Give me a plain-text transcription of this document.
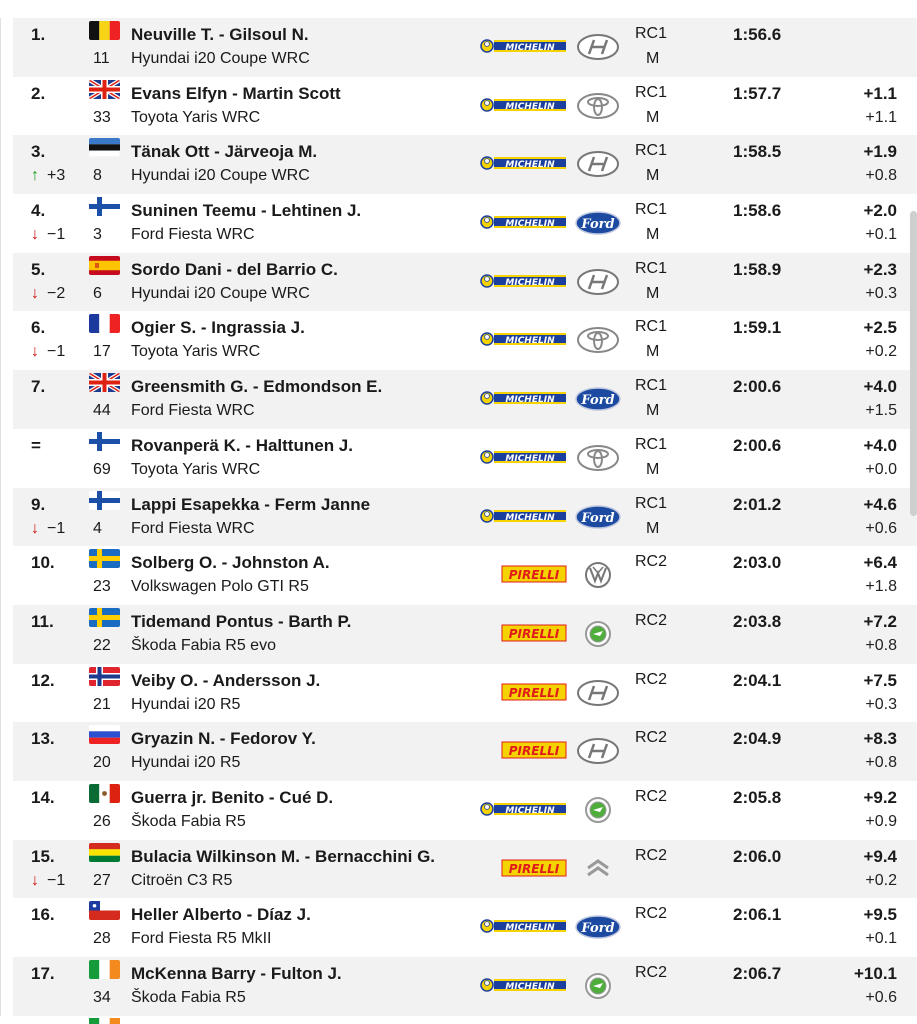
1.
11
Neuville T. - Gilsoul N.
Hyundai i20 Coupe WRC
MICHELIN
RC1
M
1:56.6
2.
33
Evans Elfyn - Martin Scott
Toyota Yaris WRC
MICHELIN
RC1
M
1:57.7	+1.1
+1.1
3.
↑ +3 8
Tänak Ott - Järveoja M.
Hyundai i20 Coupe WRC
MICHELIN
RC1
M
1:58.5	+1.9
+0.8
4.
↓ −1 3
Suninen Teemu - Lehtinen J.
Ford Fiesta WRC
MICHELIN Ford
RC1
M
1:58.6	+2.0
+0.1
5.
↓ −2 6
Sordo Dani - del Barrio C.
Hyundai i20 Coupe WRC
MICHELIN
RC1
M
1:58.9	+2.3
+0.3
6.
↓ −1 17
Ogier S. - Ingrassia J.
Toyota Yaris WRC
MICHELIN
RC1
M
1:59.1	+2.5
+0.2
7.
44
Greensmith G. - Edmondson E.
Ford Fiesta WRC
MICHELIN Ford
RC1
M
2:00.6	+4.0
+1.5
=
69
Rovanperä K. - Halttunen J.
Toyota Yaris WRC
MICHELIN
RC1
M
2:00.6	+4.0
+0.0
9.
↓ −1 4
Lappi Esapekka - Ferm Janne
Ford Fiesta WRC
MICHELIN Ford
RC1
M
2:01.2	+4.6
+0.6
10.
23
Solberg O. - Johnston A.
Volkswagen Polo GTI R5
PIRELLI
RC2	2:03.0	+6.4
+1.8
11.
22
Tidemand Pontus - Barth P.
Škoda Fabia R5 evo
PIRELLI
RC2	2:03.8	+7.2
+0.8
12.
21
Veiby O. - Andersson J.
Hyundai i20 R5
PIRELLI
RC2	2:04.1	+7.5
+0.3
13.
20
Gryazin N. - Fedorov Y.
Hyundai i20 R5
PIRELLI
RC2	2:04.9	+8.3
+0.8
14.
26
Guerra jr. Benito - Cué D.
Škoda Fabia R5
MICHELIN
RC2	2:05.8	+9.2
+0.9
15.
↓ −1 27
Bulacia Wilkinson M. - Bernacchini G.
Citroën C3 R5
PIRELLI
RC2	2:06.0	+9.4
+0.2
16.
28
Heller Alberto - Díaz J.
Ford Fiesta R5 MkII
MICHELIN Ford
RC2	2:06.1	+9.5
+0.1
17.
34
McKenna Barry - Fulton J.
Škoda Fabia R5
MICHELIN
RC2	2:06.7	+10.1
+0.6
